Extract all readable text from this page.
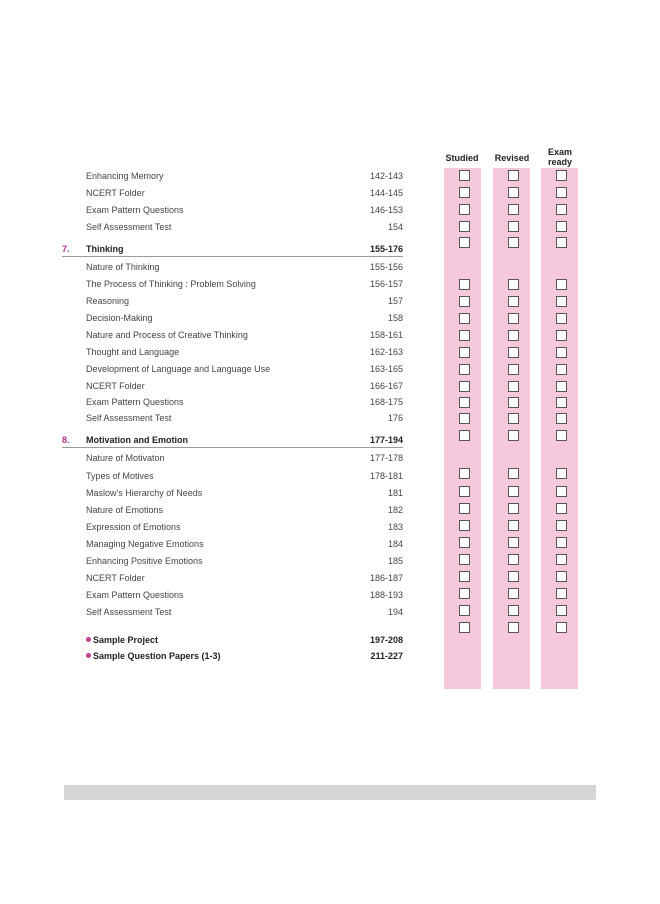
Studied	Revised
Exam
ready
Enhancing Memory	142-143
NCERT Folder	144-145
Exam Pattern Questions	146-153
Self Assessment Test	154
7. Thinking	155-176
Nature of Thinking	155-156
The Process of Thinking : Problem Solving	156-157
Reasoning	157
Decision-Making	158
Nature and Process of Creative Thinking	158-161
Thought and Language	162-163
Development of Language and Language Use	163-165
NCERT Folder	166-167
Exam Pattern Questions	168-175
Self Assessment Test	176
8. Motivation and Emotion	177-194
Nature of Motivaton	177-178
Types of Motives	178-181
Maslow's Hierarchy of Needs	181
Nature of Emotions	182
Expression of Emotions	183
Managing Negative Emotions	184
Enhancing Positive Emotions	185
NCERT Folder	186-187
Exam Pattern Questions	188-193
Self Assessment Test	194
Sample Project	197-208
Sample Question Papers (1-3)	211-227
